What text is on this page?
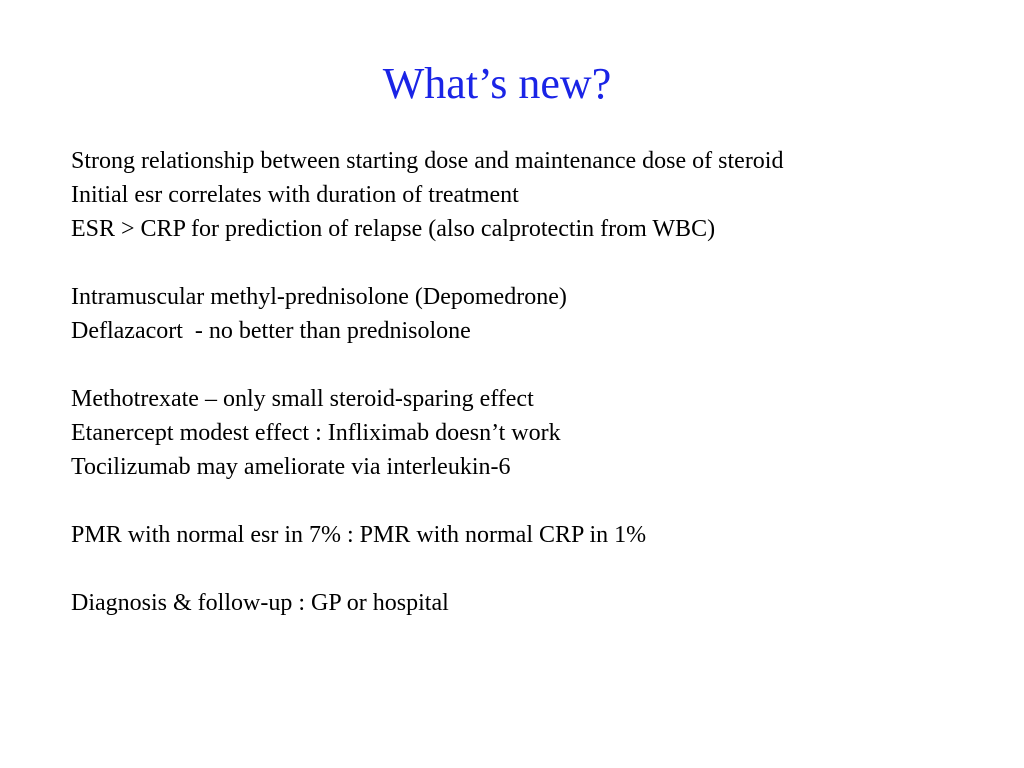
What’s new?
Strong relationship between starting dose and maintenance dose of steroid
Initial esr correlates with duration of treatment
ESR > CRP for prediction of relapse (also calprotectin from WBC)
Intramuscular methyl-prednisolone (Depomedrone)
Deflazacort  - no better than prednisolone
Methotrexate – only small steroid-sparing effect
Etanercept modest effect : Infliximab doesn’t work
Tocilizumab may ameliorate via interleukin-6
PMR with normal esr in 7% : PMR with normal CRP in 1%
Diagnosis & follow-up : GP or hospital
